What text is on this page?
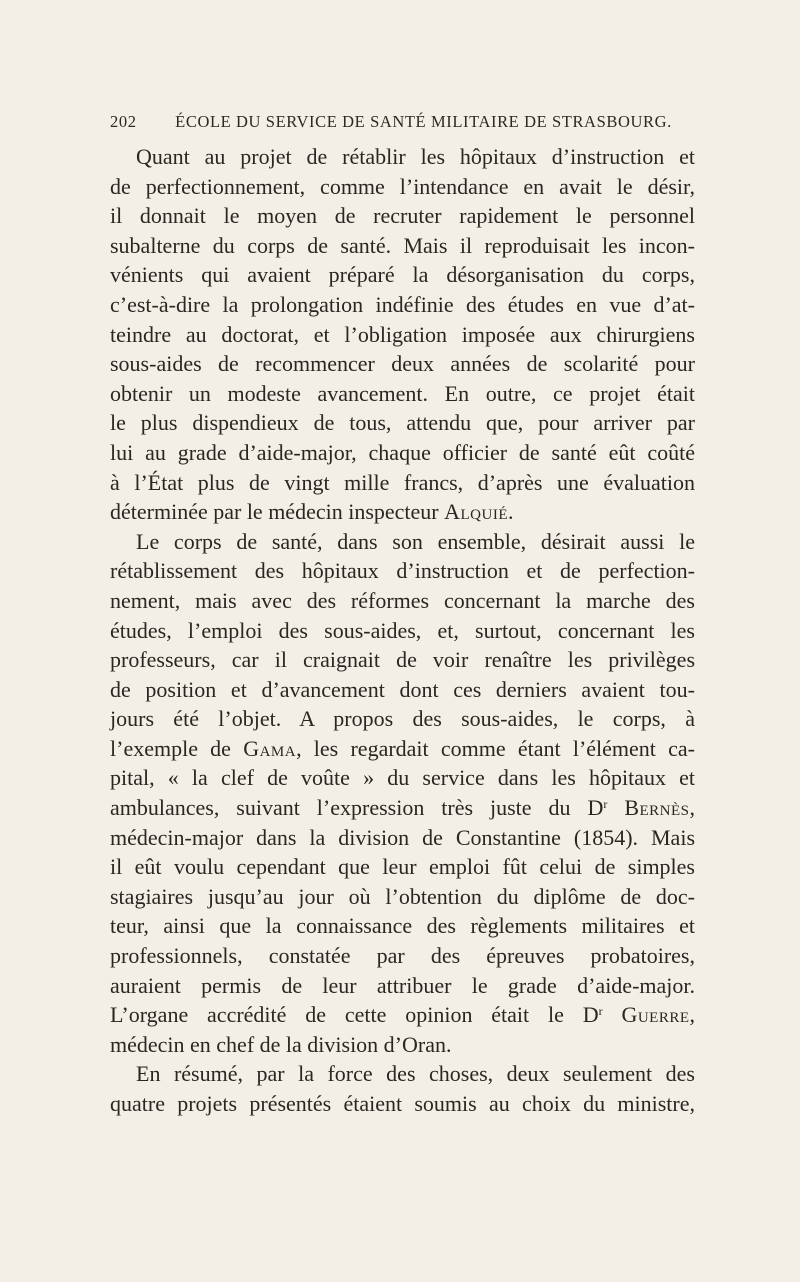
202	ÉCOLE DU SERVICE DE SANTÉ MILITAIRE DE STRASBOURG.
Quant au projet de rétablir les hôpitaux d’instruction et
de perfectionnement, comme l’intendance en avait le désir,
il donnait le moyen de recruter rapidement le personnel
subalterne du corps de santé. Mais il reproduisait les incon-
vénients qui avaient préparé la désorganisation du corps,
c’est-à-dire la prolongation indéfinie des études en vue d’at-
teindre au doctorat, et l’obligation imposée aux chirurgiens
sous-aides de recommencer deux années de scolarité pour
obtenir un modeste avancement. En outre, ce projet était
le plus dispendieux de tous, attendu que, pour arriver par
lui au grade d’aide-major, chaque officier de santé eût coûté
à l’État plus de vingt mille francs, d’après une évaluation
déterminée par le médecin inspecteur Alquié.
Le corps de santé, dans son ensemble, désirait aussi le
rétablissement des hôpitaux d’instruction et de perfection-
nement, mais avec des réformes concernant la marche des
études, l’emploi des sous-aides, et, surtout, concernant les
professeurs, car il craignait de voir renaître les privilèges
de position et d’avancement dont ces derniers avaient tou-
jours été l’objet. A propos des sous-aides, le corps, à
l’exemple de Gama, les regardait comme étant l’élément ca-
pital, « la clef de voûte » du service dans les hôpitaux et
ambulances, suivant l’expression très juste du $D^r$ Bernès,
médecin-major dans la division de Constantine (1854). Mais
il eût voulu cependant que leur emploi fût celui de simples
stagiaires jusqu’au jour où l’obtention du diplôme de doc-
teur, ainsi que la connaissance des règlements militaires et
professionnels, constatée par des épreuves probatoires,
auraient permis de leur attribuer le grade d’aide-major.
L’organe accrédité de cette opinion était le $D^r$ Guerre,
médecin en chef de la division d’Oran.
En résumé, par la force des choses, deux seulement des
quatre projets présentés étaient soumis au choix du ministre,
